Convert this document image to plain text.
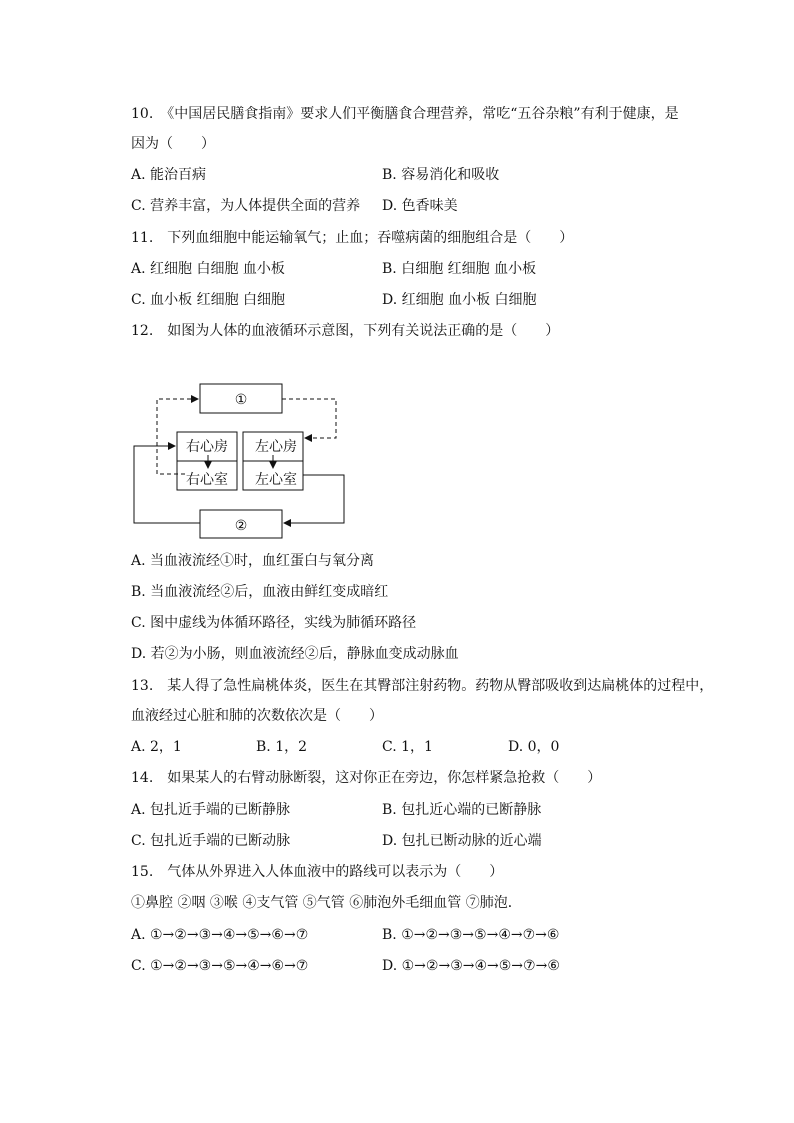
10.　《中国居民膳食指南》要求人们平衡膳食合理营养，常吃“五谷杂粮”有利于健康，是
因为（　　）
A. 能治百病	B. 容易消化和吸收
C. 营养丰富，为人体提供全面的营养 D. 色香味美
11.　下列血细胞中能运输氧气；止血；吞噬病菌的细胞组合是（　　）
A. 红细胞 白细胞 血小板	B. 白细胞 红细胞 血小板
C. 血小板 红细胞 白细胞	D. 红细胞 血小板 白细胞
12.　如图为人体的血液循环示意图，下列有关说法正确的是（　　）
①
右心房 左心房
右心室 左心室
②
A. 当血液流经①时，血红蛋白与氧分离
B. 当血液流经②后，血液由鲜红变成暗红
C. 图中虚线为体循环路径，实线为肺循环路径
D. 若②为小肠，则血液流经②后，静脉血变成动脉血
13.　某人得了急性扁桃体炎，医生在其臀部注射药物。药物从臀部吸收到达扁桃体的过程中，
血液经过心脏和肺的次数依次是（　　）
A. 2，1	B. 1，2	C. 1，1	D. 0，0
14.　如果某人的右臂动脉断裂，这对你正在旁边，你怎样紧急抢救（　　）
A. 包扎近手端的已断静脉	B. 包扎近心端的已断静脉
C. 包扎近手端的已断动脉	D. 包扎已断动脉的近心端
15.　气体从外界进入人体血液中的路线可以表示为（　　）
①鼻腔 ②咽 ③喉 ④支气管 ⑤气管 ⑥肺泡外毛细血管 ⑦肺泡．
A. ①→②→③→④→⑤→⑥→⑦	B. ①→②→③→⑤→④→⑦→⑥
C. ①→②→③→⑤→④→⑥→⑦	D. ①→②→③→④→⑤→⑦→⑥
